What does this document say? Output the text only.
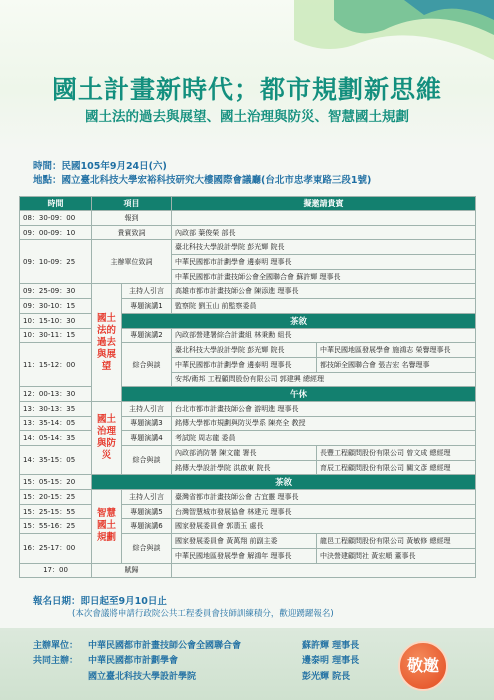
國土計畫新時代；都市規劃新思維
國土法的過去與展望、國土治理與防災、智慧國土規劃
時間：民國105年9月24日(六)
地點：國立臺北科技大學宏裕科技研究大樓國際會議廳(台北市忠孝東路三段1號)
時間	項目		擬邀請貴賓	
08：30-09：00	報到			
09：00-09：10	貴賓致詞		內政部 葉俊榮 部長	
09：10-09：25	主辦單位致詞		臺北科技大學設計學院 彭光輝 院長	
			中華民國都市計劃學會 邊泰明 理事長	
			中華民國都市計畫技師公會全國聯合會 蘇許輝 理事長	
09：25-09：30	國土法的過去與展望	主持人引言	高雄市都市計畫技師公會 陳添進 理事長	
09：30-10：15		專題演講1	監察院 劉玉山 前監察委員	
10：15-10：30		茶敘		
10：30-11：15		專題演講2	內政部營建署綜合計畫組 林秉勳 組長	
11：15-12：00		綜合與談	臺北科技大學設計學院 彭光輝 院長	中華民國地區發展學會 施鴻志 榮譽理事長
			中華民國都市計劃學會 邊泰明 理事長	都技師全國聯合會 張吉宏 名譽理事
			安邦/衛邦 工程顧問股份有限公司 郭建興 總經理	
12：00-13：30		午休		
13：30-13：35	國土治理與防災	主持人引言	台北市都市計畫技師公會 游明進 理事長	
13：35-14：05		專題演講3	銘傳大學都市規劃與防災學系 陳亮全 教授	
14：05-14：35		專題演講4	考試院 周志龍 委員	
14：35-15：05		綜合與談	內政部消防署 陳文龍 署長	長豐工程顧問股份有限公司 曾文成 總經理
			銘傳大學設計學院 洪啟東 院長	育辰工程顧問股份有限公司 關文彥 總經理
15：05-15：20	茶敘			
15：20-15：25	智慧國土規劃	主持人引言	臺灣省都市計畫技師公會 古宜靈 理事長	
15：25-15：55		專題演講5	台灣智慧城市發展協會 林建元 理事長	
15：55-16：25		專題演講6	國家發展委員會 郭翡玉 處長	
16：25-17：00		綜合與談	國家發展委員會 黃萬翔 前副主委	龍邑工程顧問股份有限公司 黃敏修 總經理
			中華民國地區發展學會 解鴻年 理事長	中決營建顧問社 黃宏順 董事長
17：00	賦歸			
報名日期：即日起至9月10日止
(本次會議將申請行政院公共工程委員會技師訓練積分，歡迎踴躍報名)
主辦單位： 中華民國都市計畫技師公會全國聯合會	蘇許輝 理事長
共同主辦： 中華民國都市計劃學會	邊泰明 理事長
國立臺北科技大學設計學院	彭光輝 院長
敬邀
